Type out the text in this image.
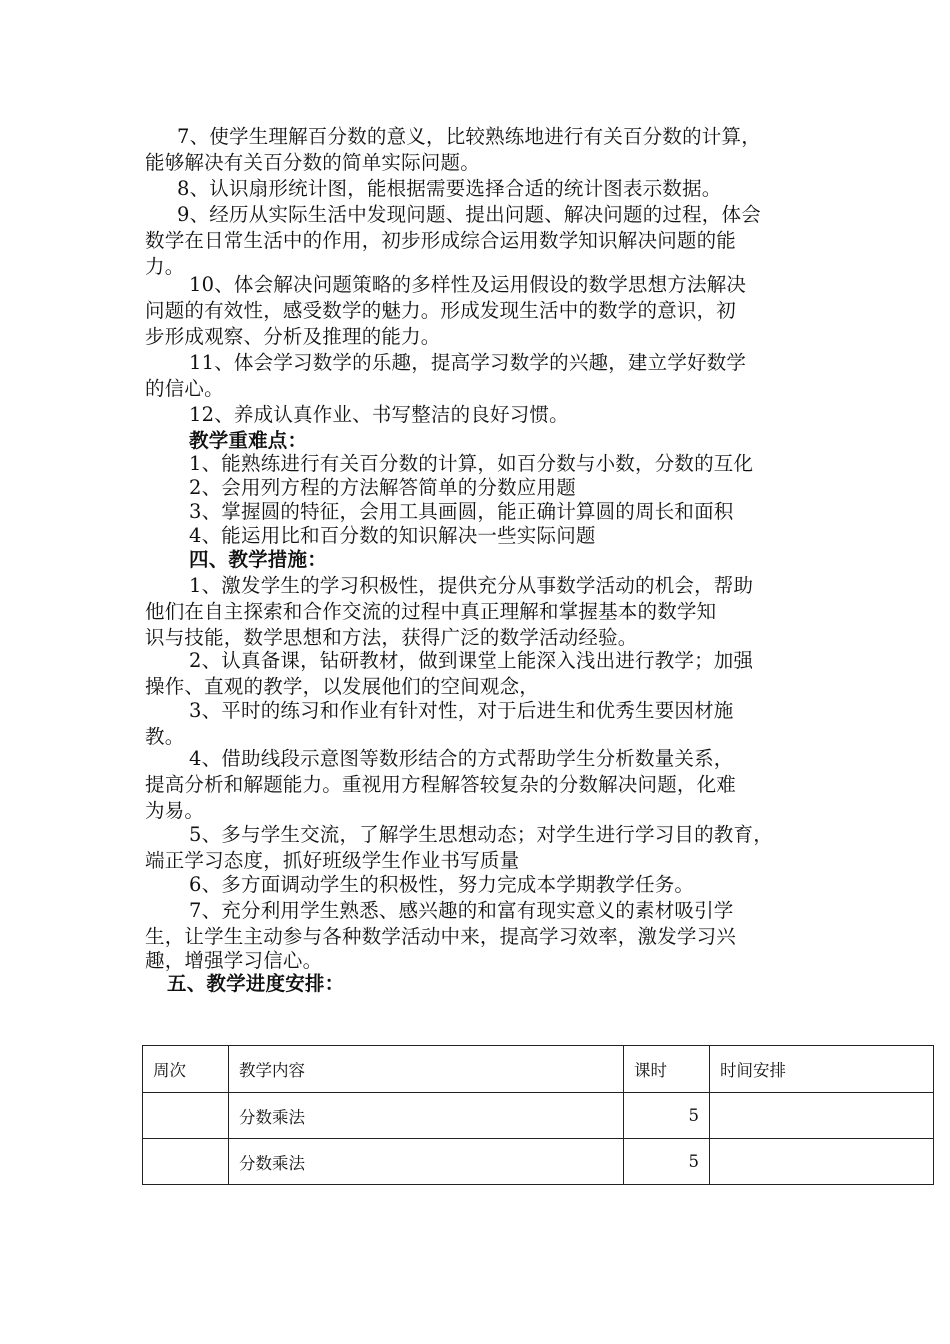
7、使学生理解百分数的意义，比较熟练地进行有关百分数的计算，

能够解决有关百分数的简单实际问题。

8、认识扇形统计图，能根据需要选择合适的统计图表示数据。

9、经历从实际生活中发现问题、提出问题、解决问题的过程，体会

数学在日常生活中的作用，初步形成综合运用数学知识解决问题的能

力。

10、体会解决问题策略的多样性及运用假设的数学思想方法解决

问题的有效性，感受数学的魅力。形成发现生活中的数学的意识，初

步形成观察、分析及推理的能力。

11、体会学习数学的乐趣，提高学习数学的兴趣，建立学好数学

的信心。

12、养成认真作业、书写整洁的良好习惯。

教学重难点：

1、能熟练进行有关百分数的计算，如百分数与小数，分数的互化

2、会用列方程的方法解答简单的分数应用题

3、掌握圆的特征，会用工具画圆，能正确计算圆的周长和面积

4、能运用比和百分数的知识解决一些实际问题

四、教学措施：

1、激发学生的学习积极性，提供充分从事数学活动的机会，帮助

他们在自主探索和合作交流的过程中真正理解和掌握基本的数学知

识与技能，数学思想和方法，获得广泛的数学活动经验。

2、认真备课，钻研教材，做到课堂上能深入浅出进行教学；加强

操作、直观的教学，以发展他们的空间观念，

3、平时的练习和作业有针对性，对于后进生和优秀生要因材施

教。

4、借助线段示意图等数形结合的方式帮助学生分析数量关系，

提高分析和解题能力。重视用方程解答较复杂的分数解决问题，化难

为易。

5、多与学生交流，了解学生思想动态；对学生进行学习目的教育，

端正学习态度，抓好班级学生作业书写质量

6、多方面调动学生的积极性，努力完成本学期教学任务。

7、充分利用学生熟悉、感兴趣的和富有现实意义的素材吸引学

生，让学生主动参与各种数学活动中来，提高学习效率，激发学习兴

趣，增强学习信心。

五、教学进度安排：

周次	教学内容	课时	时间安排
	分数乘法	5	
	分数乘法	5	
